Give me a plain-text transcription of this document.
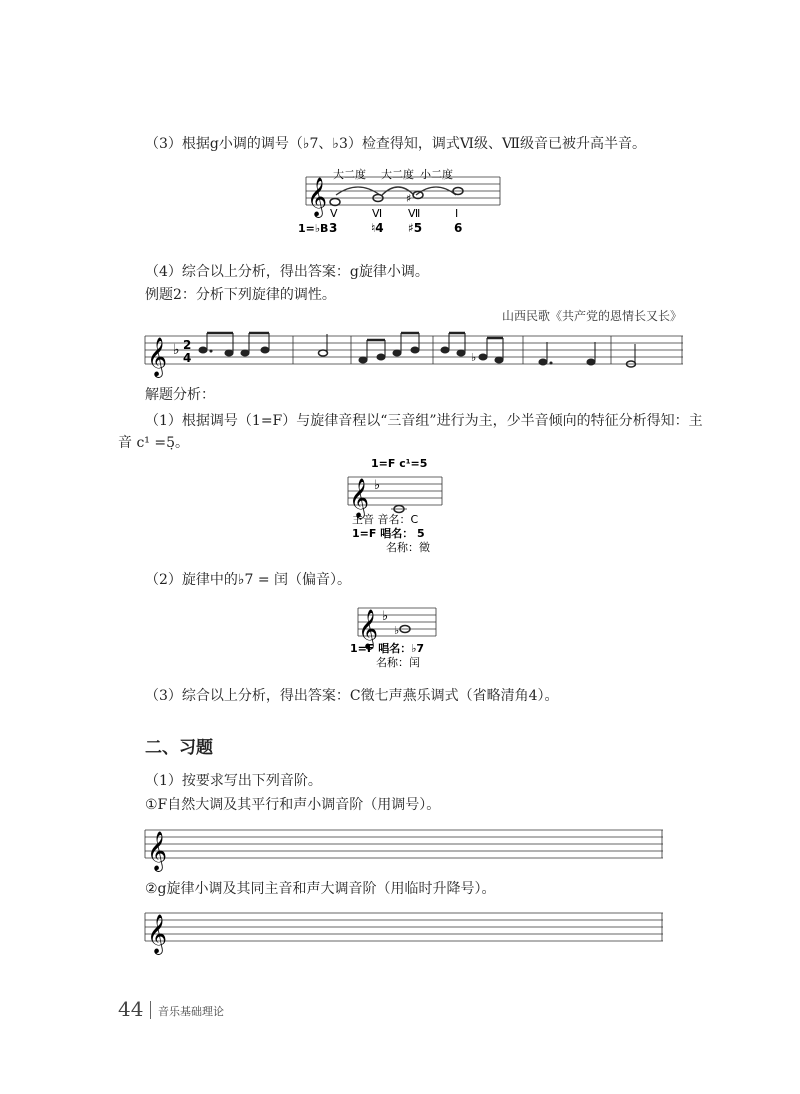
（3）根据g小调的调号（♭7、♭3）检查得知，调式Ⅵ级、Ⅶ级音已被升高半音。
𝄞
大二度 大二度 小二度
♯
Ⅴ	Ⅵ Ⅶ	Ⅰ
1=♭B 3	♮4 ♯5	6
（4）综合以上分析，得出答案：g旋律小调。
例题2：分析下列旋律的调性。
山西民歌《共产党的恩情长又长》
𝄞 ♭ 2
4	♭
解题分析：
（1）根据调号（1=F）与旋律音程以“三音组”进行为主，少半音倾向的特征分析得知：主
音 c¹ =5̣。
1=F c¹=5
𝄞 ♭
主音 音名：C
1=F 唱名： 5
名称：徵
（2）旋律中的♭7 = 闰（偏音）。
𝄞 ♭
♭
1=F 唱名：♭7
名称：闰
（3）综合以上分析，得出答案：C徵七声燕乐调式（省略清角4）。
二、习题
（1）按要求写出下列音阶。
①F自然大调及其平行和声小调音阶（用调号）。
𝄞
②g旋律小调及其同主音和声大调音阶（用临时升降号）。
𝄞
44 音乐基础理论
